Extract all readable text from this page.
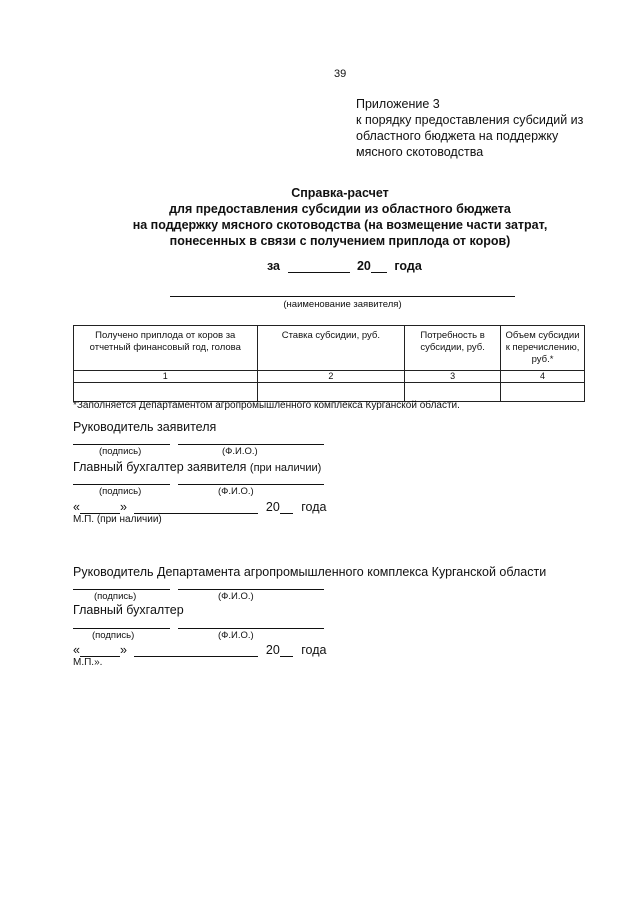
39
Приложение 3
к порядку предоставления субсидий из
областного бюджета на поддержку
мясного скотоводства
Справка-расчет
для предоставления субсидии из областного бюджета
на поддержку мясного скотоводства (на возмещение части затрат,
понесенных в связи с получением приплода от коров)
за	20 года
(наименование заявителя)
Получено приплода от коров за отчетный финансовый год, голова	Ставка субсидии, руб.	Потребность в субсидии, руб.	Объем субсидии к перечислению, руб.*
1	2	3	4

*Заполняется Департаментом агропромышленного комплекса Курганской области.
Руководитель заявителя
(подпись)	(Ф.И.О.)
Главный бухгалтер заявителя (при наличии)
(подпись)	(Ф.И.О.)
«	»	20 года
М.П. (при наличии)
Руководитель Департамента агропромышленного комплекса Курганской области
(подпись)	(Ф.И.О.)
Главный бухгалтер
(подпись)	(Ф.И.О.)
«	»	20 года
М.П.».
